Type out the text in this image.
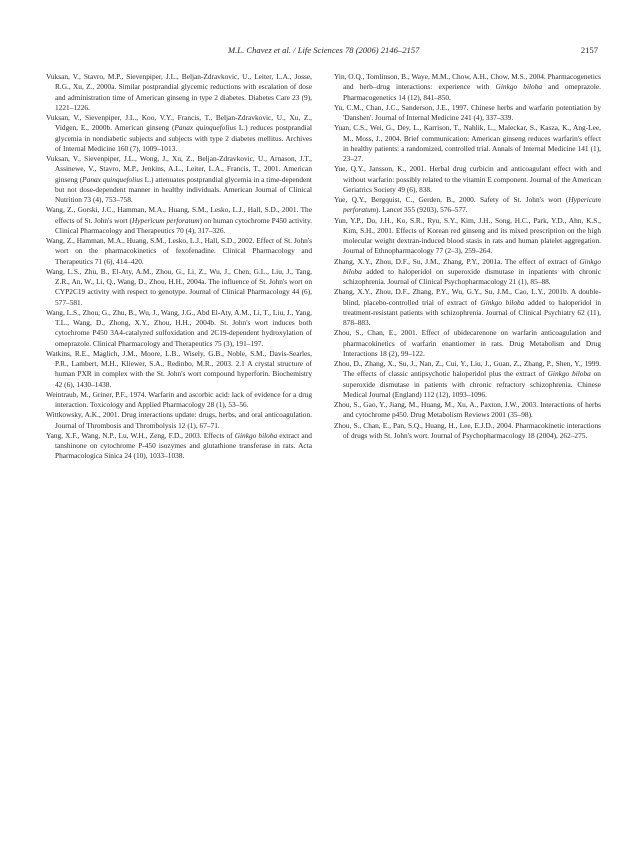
M.L. Chavez et al. / Life Sciences 78 (2006) 2146–2157	2157

Vuksan, V., Stavro, M.P., Sievenpiper, J.L., Beljan-Zdravkovic, U., Leiter, L.A., Josse, R.G., Xu, Z., 2000a. Similar postprandial glycemic reductions with escalation of dose and administration time of American ginseng in type 2 diabetes. Diabetes Care 23 (9), 1221–1226.

Vuksan, V., Sievenpiper, J.L., Koo, V.Y., Francis, T., Beljan-Zdravkovic, U., Xu, Z., Vidgen, E., 2000b. American ginseng (Panax quinquefolius L.) reduces postprandial glycemia in nondiabetic subjects and subjects with type 2 diabetes mellitus. Archives of Internal Medicine 160 (7), 1009–1013.

Vuksan, V., Sievenpiper, J.L., Wong, J., Xu, Z., Beljan-Zdravkovic, U., Arnason, J.T., Assinewe, V., Stavro, M.P., Jenkins, A.L., Leiter, L.A., Francis, T., 2001. American ginseng (Panax quinquefolius L.) attenuates postprandial glycemia in a time-dependent but not dose-dependent manner in healthy individuals. American Journal of Clinical Nutrition 73 (4), 753–758.

Wang, Z., Gorski, J.C., Hamman, M.A., Huang, S.M., Lesko, L.J., Hall, S.D., 2001. The effects of St. John's wort (Hypericum perforatum) on human cytochrome P450 activity. Clinical Pharmacology and Therapeutics 70 (4), 317–326.

Wang, Z., Hamman, M.A., Huang, S.M., Lesko, L.J., Hall, S.D., 2002. Effect of St. John's wort on the pharmacokinetics of fexofenadine. Clinical Pharmacology and Therapeutics 71 (6), 414–420.

Wang, L.S., Zhu, B., El-Aty, A.M., Zhou, G., Li, Z., Wu, J., Chen, G.L., Liu, J., Tang, Z.R., An, W., Li, Q., Wang, D., Zhou, H.H., 2004a. The influence of St. John's wort on CYP2C19 activity with respect to genotype. Journal of Clinical Pharmacology 44 (6), 577–581.

Wang, L.S., Zhou, G., Zhu, B., Wu, J., Wang, J.G., Abd El-Aty, A.M., Li, T., Liu, J., Yang, T.L., Wang, D., Zhong, X.Y., Zhou, H.H., 2004b. St. John's wort induces both cytochrome P450 3A4-catalyzed sulfoxidation and 2C19-dependent hydroxylation of omeprazole. Clinical Pharmacology and Therapeutics 75 (3), 191–197.

Watkins, R.E., Maglich, J.M., Moore, L.B., Wisely, G.B., Noble, S.M., Davis-Searles, P.R., Lambert, M.H., Kliewer, S.A., Redinbo, M.R., 2003. 2.1 A crystal structure of human PXR in complex with the St. John's wort compound hyperforin. Biochemistry 42 (6), 1430–1438.

Weintraub, M., Griner, P.F., 1974. Warfarin and ascorbic acid: lack of evidence for a drug interaction. Toxicology and Applied Pharmacology 28 (1), 53–56.

Wittkowsky, A.K., 2001. Drug interactions update: drugs, herbs, and oral anticoagulation. Journal of Thrombosis and Thrombolysis 12 (1), 67–71.

Yang, X.F., Wang, N.P., Lu, W.H., Zeng, F.D., 2003. Effects of Ginkgo biloba extract and tanshinone on cytochrome P-450 isozymes and glutathione transferase in rats. Acta Pharmacologica Sinica 24 (10), 1033–1038.

Yin, O.Q., Tomlinson, B., Waye, M.M., Chow, A.H., Chow, M.S., 2004. Pharmacogenetics and herb–drug interactions: experience with Ginkgo biloba and omeprazole. Pharmacogenetics 14 (12), 841–850.

Yu, C.M., Chan, J.C., Sanderson, J.E., 1997. Chinese herbs and warfarin potentiation by 'Danshen'. Journal of Internal Medicine 241 (4), 337–339.

Yuan, C.S., Wei, G., Dey, L., Karrison, T., Nahlik, L., Maleckar, S., Kasza, K., Ang-Lee, M., Moss, J., 2004. Brief communication: American ginseng reduces warfarin's effect in healthy patients: a randomized, controlled trial. Annals of Internal Medicine 141 (1), 23–27.

Yue, Q.Y., Jansson, K., 2001. Herbal drug curbicin and anticoagulant effect with and without warfarin: possibly related to the vitamin E component. Journal of the American Geriatrics Society 49 (6), 838.

Yue, Q.Y., Bergquist, C., Gerden, B., 2000. Safety of St. John's wort (Hypericum perforatum). Lancet 355 (9203), 576–577.

Yun, Y.P., Do, J.H., Ko, S.R., Ryu, S.Y., Kim, J.H., Song, H.C., Park, Y.D., Ahn, K.S., Kim, S.H., 2001. Effects of Korean red ginseng and its mixed prescription on the high molecular weight dextran-induced blood stasis in rats and human platelet aggregation. Journal of Ethnopharmacology 77 (2–3), 259–264.

Zhang, X.Y., Zhou, D.F., Su, J.M., Zhang, P.Y., 2001a. The effect of extract of Ginkgo biloba added to haloperidol on superoxide dismutase in inpatients with chronic schizophrenia. Journal of Clinical Psychopharmacology 21 (1), 85–88.

Zhang, X.Y., Zhou, D.F., Zhang, P.Y., Wu, G.Y., Su, J.M., Cao, L.Y., 2001b. A double-blind, placebo-controlled trial of extract of Ginkgo biloba added to haloperidol in treatment-resistant patients with schizophrenia. Journal of Clinical Psychiatry 62 (11), 878–883.

Zhou, S., Chan, E., 2001. Effect of ubidecarenone on warfarin anticoagulation and pharmacokinetics of warfarin enantiomer in rats. Drug Metabolism and Drug Interactions 18 (2), 99–122.

Zhou, D., Zhang, X., Su, J., Nan, Z., Cui, Y., Liu, J., Guan, Z., Zhang, P., Shen, Y., 1999. The effects of classic antipsychotic haloperidol plus the extract of Ginkgo biloba on superoxide dismutase in patients with chronic refractory schizophrenia. Chinese Medical Journal (England) 112 (12), 1093–1096.

Zhou, S., Gao, Y., Jiang, M., Huang, M., Xu, A., Paxton, J.W., 2003. Interactions of herbs and cytochrome p450. Drug Metabolism Reviews 2001 (35–98).

Zhou, S., Chan, E., Pan, S.Q., Huang, H., Lee, E.J.D., 2004. Pharmacokinetic interactions of drugs with St. John's wort. Journal of Psychopharmacology 18 (2004), 262–275.
